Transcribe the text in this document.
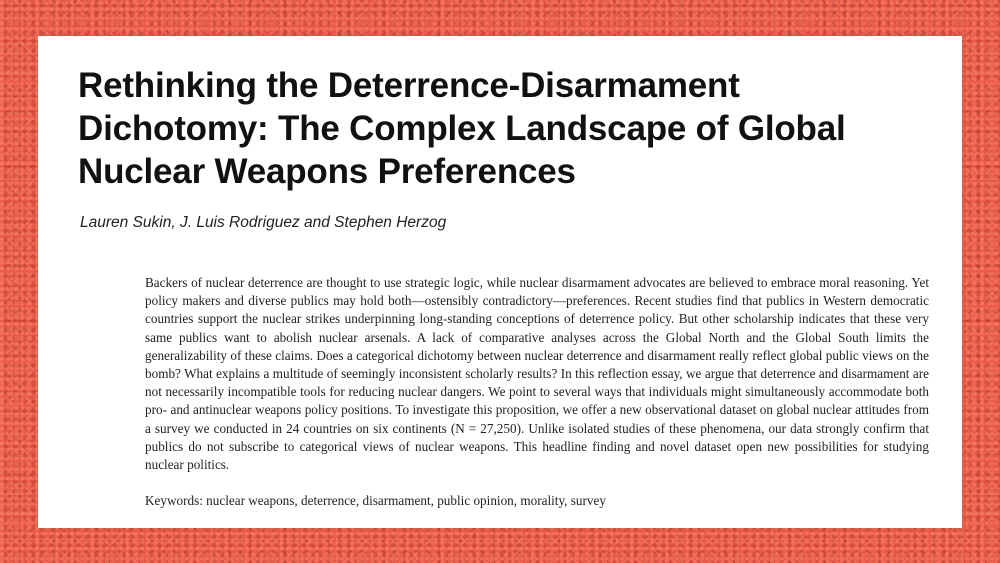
Rethinking the Deterrence-Disarmament Dichotomy: The Complex Landscape of Global Nuclear Weapons Preferences

Lauren Sukin, J. Luis Rodriguez and Stephen Herzog

Backers of nuclear deterrence are thought to use strategic logic, while nuclear disarmament advocates are believed to embrace moral reasoning. Yet policy makers and diverse publics may hold both—ostensibly contradictory—preferences. Recent studies find that publics in Western democratic countries support the nuclear strikes underpinning long-standing conceptions of deterrence policy. But other scholarship indicates that these very same publics want to abolish nuclear arsenals. A lack of comparative analyses across the Global North and the Global South limits the generalizability of these claims. Does a categorical dichotomy between nuclear deterrence and disarmament really reflect global public views on the bomb? What explains a multitude of seemingly inconsistent scholarly results? In this reflection essay, we argue that deterrence and disarmament are not necessarily incompatible tools for reducing nuclear dangers. We point to several ways that individuals might simultaneously accommodate both pro- and antinuclear weapons policy positions. To investigate this proposition, we offer a new observational dataset on global nuclear attitudes from a survey we conducted in 24 countries on six continents (N = 27,250). Unlike isolated studies of these phenomena, our data strongly confirm that publics do not subscribe to categorical views of nuclear weapons. This headline finding and novel dataset open new possibilities for studying nuclear politics.

Keywords: nuclear weapons, deterrence, disarmament, public opinion, morality, survey
